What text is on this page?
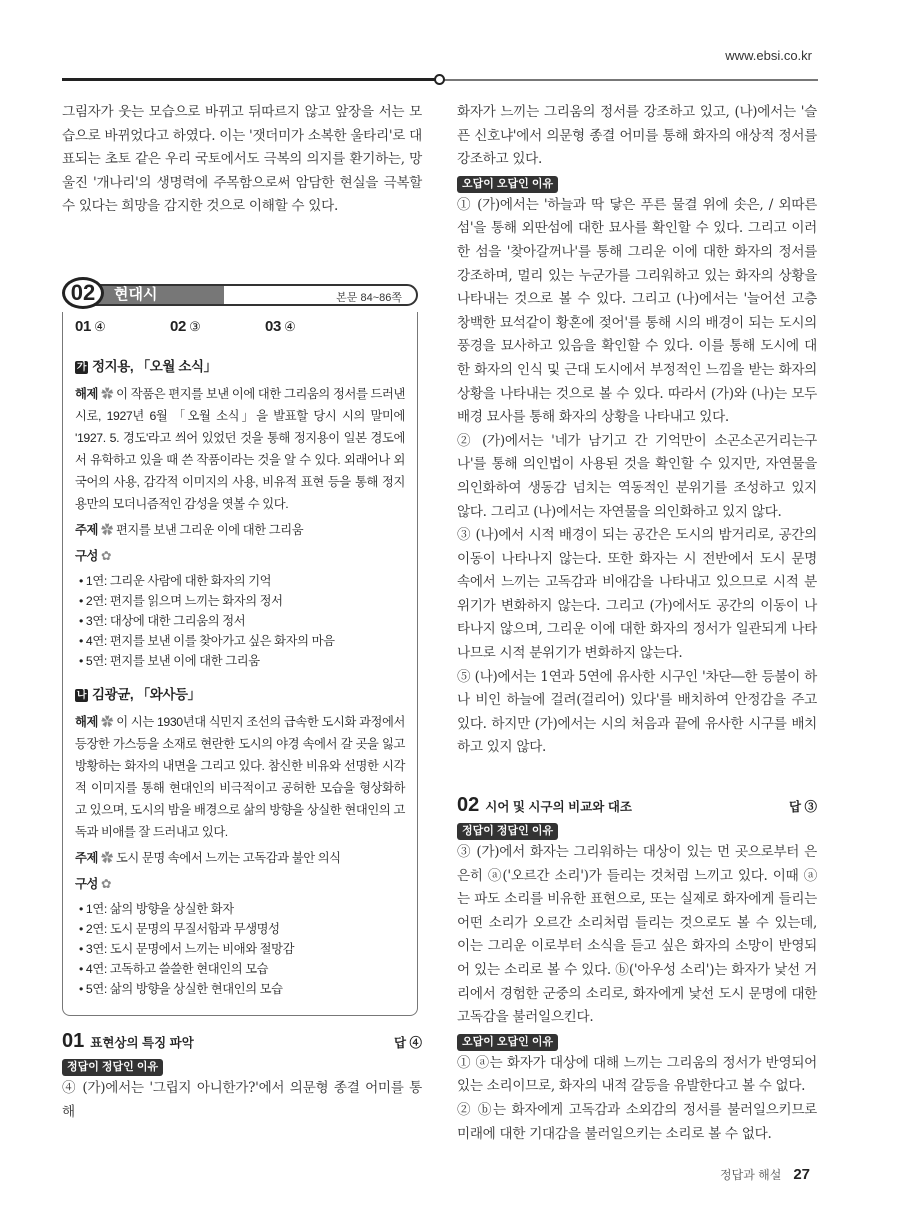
www.ebsi.co.kr

그림자가 웃는 모습으로 바뀌고 뒤따르지 않고 앞장을 서는 모습으로 바뀌었다고 하였다. 이는 '잿더미가 소복한 울타리'로 대표되는 초토 같은 우리 국토에서도 극복의 의지를 환기하는, 망울진 '개나리'의 생명력에 주목함으로써 암담한 현실을 극복할 수 있다는 희망을 감지한 것으로 이해할 수 있다.

02	현대시	본문 84~86쪽
01 ④	02 ③	03 ④
가 정지용, 「오월 소식」
해제 ✿ 이 작품은 편지를 보낸 이에 대한 그리움의 정서를 드러낸 시로, 1927년 6월 「오월 소식」을 발표할 당시 시의 말미에 '1927. 5. 경도'라고 씌어 있었던 것을 통해 정지용이 일본 경도에서 유학하고 있을 때 쓴 작품이라는 것을 알 수 있다. 외래어나 외국어의 사용, 감각적 이미지의 사용, 비유적 표현 등을 통해 정지용만의 모더니즘적인 감성을 엿볼 수 있다.
주제 ✿ 편지를 보낸 그리운 이에 대한 그리움
구성 ✿
• 1연: 그리운 사람에 대한 화자의 기억
• 2연: 편지를 읽으며 느끼는 화자의 정서
• 3연: 대상에 대한 그리움의 정서
• 4연: 편지를 보낸 이를 찾아가고 싶은 화자의 마음
• 5연: 편지를 보낸 이에 대한 그리움
나 김광균, 「와사등」
해제 ✿ 이 시는 1930년대 식민지 조선의 급속한 도시화 과정에서 등장한 가스등을 소재로 현란한 도시의 야경 속에서 갈 곳을 잃고 방황하는 화자의 내면을 그리고 있다. 참신한 비유와 선명한 시각적 이미지를 통해 현대인의 비극적이고 공허한 모습을 형상화하고 있으며, 도시의 밤을 배경으로 삶의 방향을 상실한 현대인의 고독과 비애를 잘 드러내고 있다.
주제 ✿ 도시 문명 속에서 느끼는 고독감과 불안 의식
구성 ✿
• 1연: 삶의 방향을 상실한 화자
• 2연: 도시 문명의 무질서함과 무생명성
• 3연: 도시 문명에서 느끼는 비애와 절망감
• 4연: 고독하고 쓸쓸한 현대인의 모습
• 5연: 삶의 방향을 상실한 현대인의 모습
01 표현상의 특징 파악	답 ④
정답이 정답인 이유

④ (가)에서는 '그립지 아니한가?'에서 의문형 종결 어미를 통해

화자가 느끼는 그리움의 정서를 강조하고 있고, (나)에서는 '슬픈 신호냐'에서 의문형 종결 어미를 통해 화자의 애상적 정서를 강조하고 있다.

오답이 오답인 이유

① (가)에서는 '하늘과 딱 닿은 푸른 물결 위에 솟은, / 외따른 섬'을 통해 외딴섬에 대한 묘사를 확인할 수 있다. 그리고 이러한 섬을 '찾아갈꺼나'를 통해 그리운 이에 대한 화자의 정서를 강조하며, 멀리 있는 누군가를 그리워하고 있는 화자의 상황을 나타내는 것으로 볼 수 있다. 그리고 (나)에서는 '늘어선 고층 창백한 묘석같이 황혼에 젖어'를 통해 시의 배경이 되는 도시의 풍경을 묘사하고 있음을 확인할 수 있다. 이를 통해 도시에 대한 화자의 인식 및 근대 도시에서 부정적인 느낌을 받는 화자의 상황을 나타내는 것으로 볼 수 있다. 따라서 (가)와 (나)는 모두 배경 묘사를 통해 화자의 상황을 나타내고 있다.

② (가)에서는 '네가 남기고 간 기억만이 소곤소곤거리는구나'를 통해 의인법이 사용된 것을 확인할 수 있지만, 자연물을 의인화하여 생동감 넘치는 역동적인 분위기를 조성하고 있지 않다. 그리고 (나)에서는 자연물을 의인화하고 있지 않다.

③ (나)에서 시적 배경이 되는 공간은 도시의 밤거리로, 공간의 이동이 나타나지 않는다. 또한 화자는 시 전반에서 도시 문명 속에서 느끼는 고독감과 비애감을 나타내고 있으므로 시적 분위기가 변화하지 않는다. 그리고 (가)에서도 공간의 이동이 나타나지 않으며, 그리운 이에 대한 화자의 정서가 일관되게 나타나므로 시적 분위기가 변화하지 않는다.

⑤ (나)에서는 1연과 5연에 유사한 시구인 '차단―한 등불이 하나 비인 하늘에 걸려(걸리어) 있다'를 배치하여 안정감을 주고 있다. 하지만 (가)에서는 시의 처음과 끝에 유사한 시구를 배치하고 있지 않다.

02 시어 및 시구의 비교와 대조	답 ③
정답이 정답인 이유

③ (가)에서 화자는 그리워하는 대상이 있는 먼 곳으로부터 은은히 ⓐ('오르간 소리')가 들리는 것처럼 느끼고 있다. 이때 ⓐ는 파도 소리를 비유한 표현으로, 또는 실제로 화자에게 들리는 어떤 소리가 오르간 소리처럼 들리는 것으로도 볼 수 있는데, 이는 그리운 이로부터 소식을 듣고 싶은 화자의 소망이 반영되어 있는 소리로 볼 수 있다. ⓑ('아우성 소리')는 화자가 낯선 거리에서 경험한 군중의 소리로, 화자에게 낯선 도시 문명에 대한 고독감을 불러일으킨다.

오답이 오답인 이유

① ⓐ는 화자가 대상에 대해 느끼는 그리움의 정서가 반영되어 있는 소리이므로, 화자의 내적 갈등을 유발한다고 볼 수 없다.

② ⓑ는 화자에게 고독감과 소외감의 정서를 불러일으키므로 미래에 대한 기대감을 불러일으키는 소리로 볼 수 없다.

정답과 해설 27
